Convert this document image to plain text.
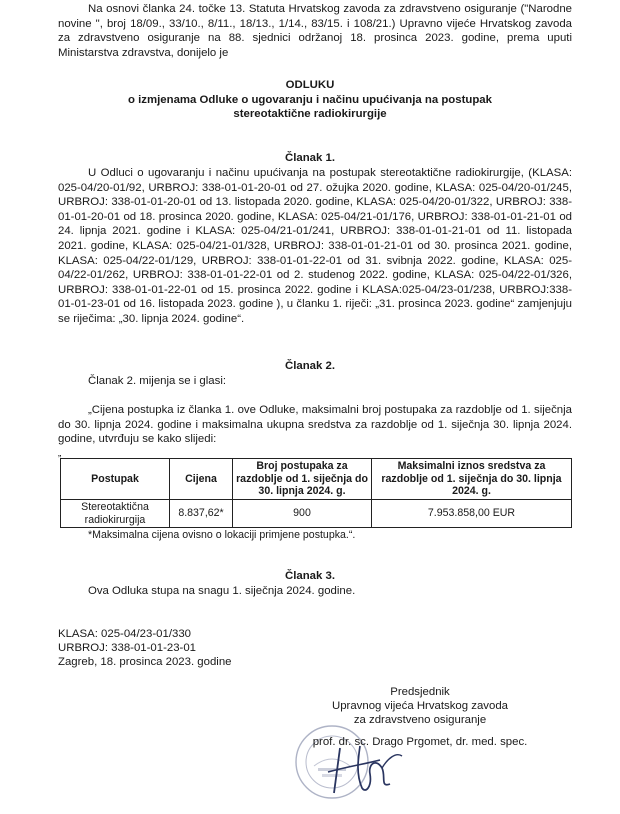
Na osnovi članka 24. točke 13. Statuta Hrvatskog zavoda za zdravstveno osiguranje ("Narodne novine ", broj 18/09., 33/10., 8/11., 18/13., 1/14., 83/15. i 108/21.) Upravno vijeće Hrvatskog zavoda za zdravstveno osiguranje na 88. sjednici održanoj 18. prosinca 2023. godine, prema uputi Ministarstva zdravstva, donijelo je

ODLUKU

o izmjenama Odluke o ugovaranju i načinu upućivanja na postupak

stereotaktične radiokirurgije

Članak 1.

U Odluci o ugovaranju i načinu upućivanja na postupak stereotaktične radiokirurgije, (KLASA: 025-04/20-01/92, URBROJ: 338-01-01-20-01 od 27. ožujka 2020. godine, KLASA: 025-04/20-01/245, URBROJ: 338-01-01-20-01 od 13. listopada 2020. godine, KLASA: 025-04/20-01/322, URBROJ: 338-01-01-20-01 od 18. prosinca 2020. godine, KLASA: 025-04/21-01/176, URBROJ: 338-01-01-21-01 od 24. lipnja 2021. godine i KLASA: 025-04/21-01/241, URBROJ: 338-01-01-21-01 od 11. listopada 2021. godine, KLASA: 025-04/21-01/328, URBROJ: 338-01-01-21-01 od 30. prosinca 2021. godine, KLASA: 025-04/22-01/129, URBROJ: 338-01-01-22-01 od 31. svibnja 2022. godine, KLASA: 025-04/22-01/262, URBROJ: 338-01-01-22-01 od 2. studenog 2022. godine, KLASA: 025-04/22-01/326, URBROJ: 338-01-01-22-01 od 15. prosinca 2022. godine i KLASA:025-04/23-01/238, URBROJ:338-01-01-23-01 od 16. listopada 2023. godine ), u članku 1. riječi: „31. prosinca 2023. godine“ zamjenjuju se riječima: „30. lipnja 2024. godine“.

Članak 2.

Članak 2. mijenja se i glasi:

„Cijena postupka iz članka 1. ove Odluke, maksimalni broj postupaka za razdoblje od 1. siječnja do 30. lipnja 2024. godine i maksimalna ukupna sredstva za razdoblje od 1. siječnja 30. lipnja 2024. godine, utvrđuju se kako slijedi:

„
Postupak	Cijena	Broj postupaka za razdoblje od 1. siječnja do 30. lipnja 2024. g.	Maksimalni iznos sredstva za razdoblje od 1. siječnja do 30. lipnja 2024. g.
Stereotaktična radiokirurgija	8.837,62*	900	7.953.858,00 EUR

*Maksimalna cijena ovisno o lokaciji primjene postupka.“.

Članak 3.

Ova Odluka stupa na snagu 1. siječnja 2024. godine.

KLASA: 025-04/23-01/330

URBROJ: 338-01-01-23-01

Zagreb, 18. prosinca 2023. godine

Predsjednik

Upravnog vijeća Hrvatskog zavoda

za zdravstveno osiguranje

prof. dr. sc. Drago Prgomet, dr. med. spec.
